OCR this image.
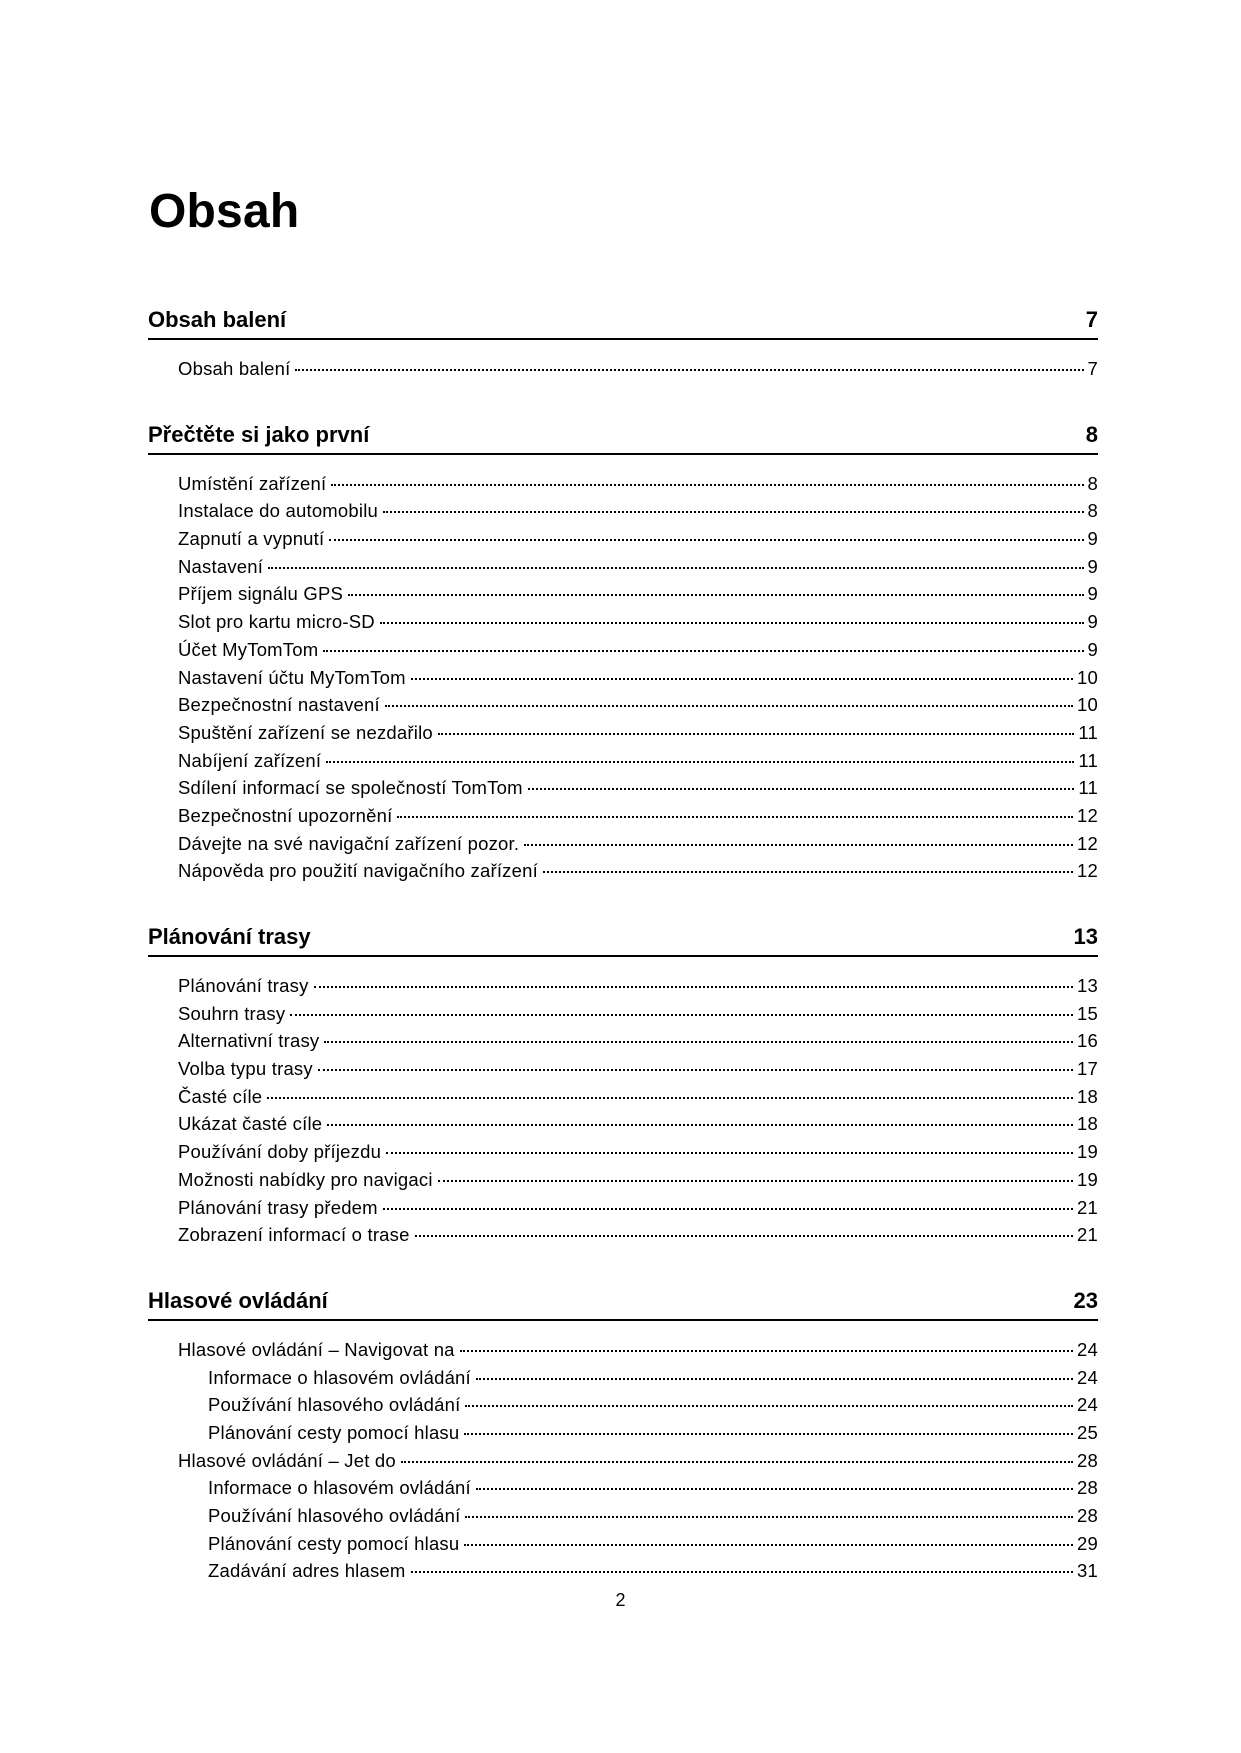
Obsah
Obsah balení	7
Obsah balení	7
Přečtěte si jako první	8
Umístění zařízení	8
Instalace do automobilu	8
Zapnutí a vypnutí	9
Nastavení	9
Příjem signálu GPS	9
Slot pro kartu micro-SD	9
Účet MyTomTom	9
Nastavení účtu MyTomTom	10
Bezpečnostní nastavení	10
Spuštění zařízení se nezdařilo	11
Nabíjení zařízení	11
Sdílení informací se společností TomTom	11
Bezpečnostní upozornění	12
Dávejte na své navigační zařízení pozor.	12
Nápověda pro použití navigačního zařízení	12
Plánování trasy	13
Plánování trasy	13
Souhrn trasy	15
Alternativní trasy	16
Volba typu trasy	17
Časté cíle	18
Ukázat časté cíle	18
Používání doby příjezdu	19
Možnosti nabídky pro navigaci	19
Plánování trasy předem	21
Zobrazení informací o trase	21
Hlasové ovládání	23
Hlasové ovládání – Navigovat na	24
Informace o hlasovém ovládání	24
Používání hlasového ovládání	24
Plánování cesty pomocí hlasu	25
Hlasové ovládání – Jet do	28
Informace o hlasovém ovládání	28
Používání hlasového ovládání	28
Plánování cesty pomocí hlasu	29
Zadávání adres hlasem	31
2
